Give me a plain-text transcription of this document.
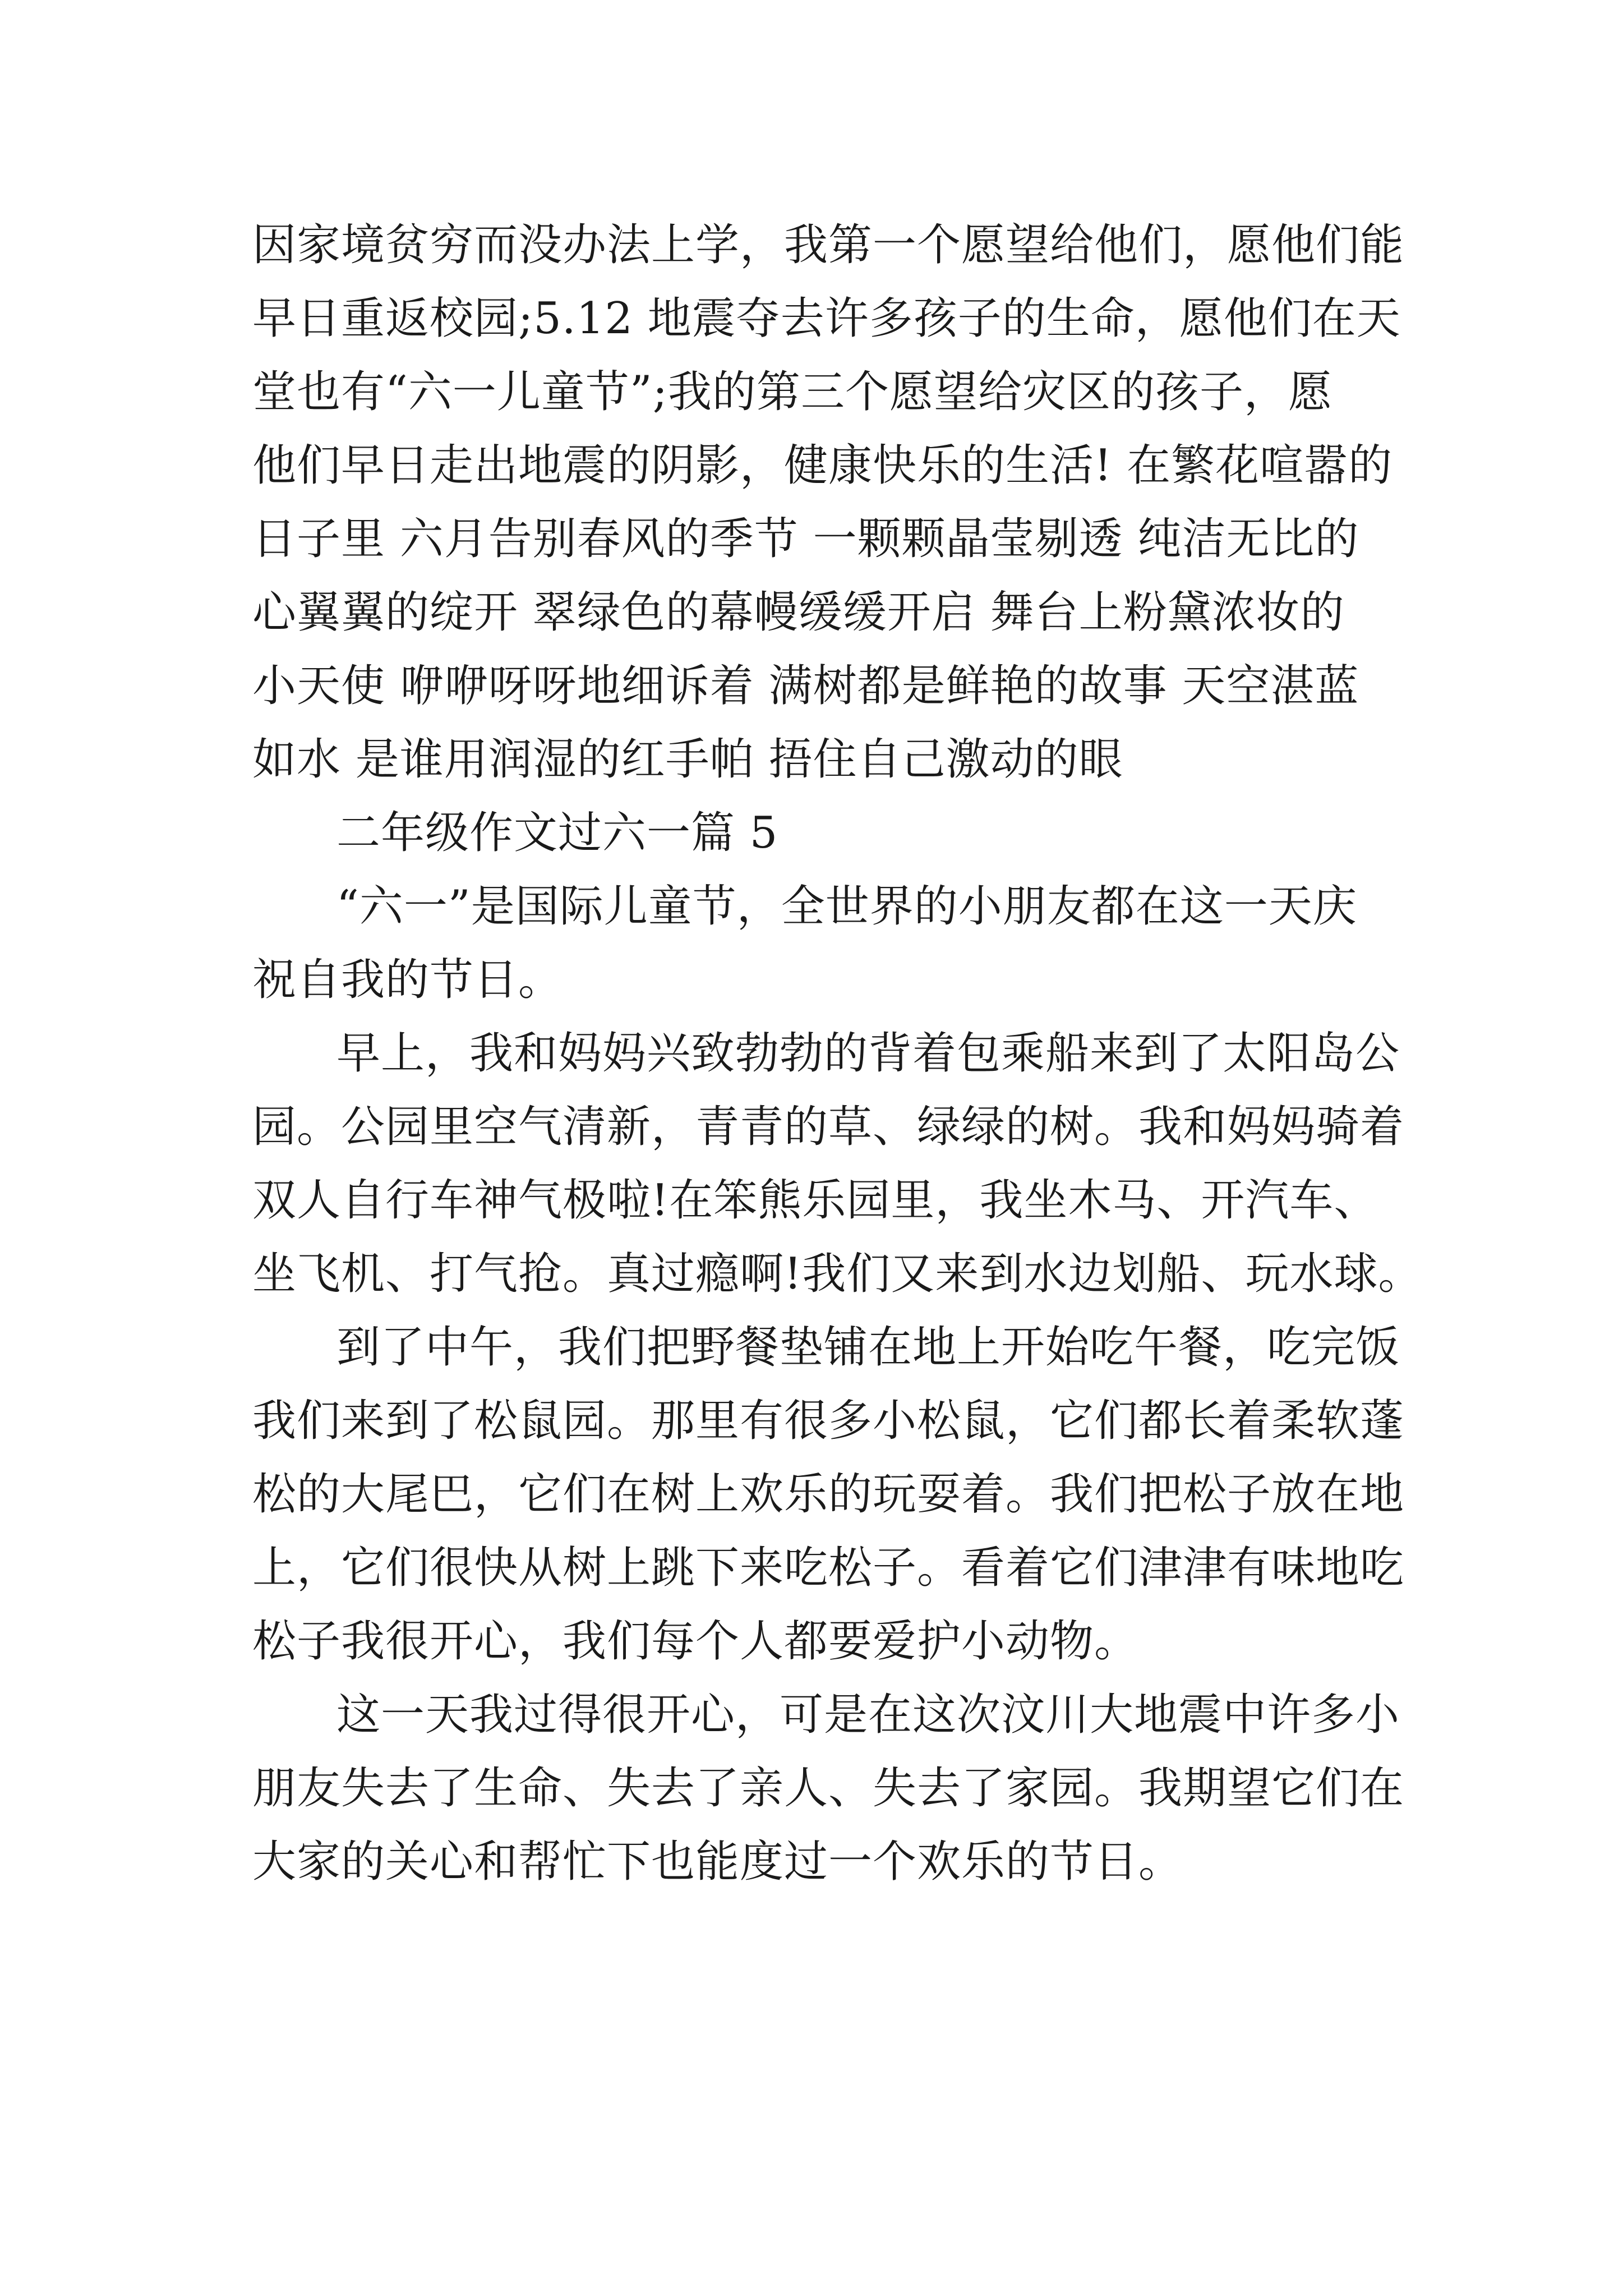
因家境贫穷而没办法上学，我第一个愿望给他们，愿他们能
早日重返校园;5.12 地震夺去许多孩子的生命，愿他们在天
堂也有“六一儿童节”;我的第三个愿望给灾区的孩子，愿
他们早日走出地震的阴影，健康快乐的生活! 在繁花喧嚣的
日子里 六月告别春风的季节 一颗颗晶莹剔透 纯洁无比的
心翼翼的绽开 翠绿色的幕幔缓缓开启 舞台上粉黛浓妆的
小天使 咿咿呀呀地细诉着 满树都是鲜艳的故事 天空湛蓝
如水 是谁用润湿的红手帕 捂住自己激动的眼
二年级作文过六一篇 5
“六一”是国际儿童节，全世界的小朋友都在这一天庆
祝自我的节日。
早上，我和妈妈兴致勃勃的背着包乘船来到了太阳岛公
园。公园里空气清新，青青的草、绿绿的树。我和妈妈骑着
双人自行车神气极啦!在笨熊乐园里，我坐木马、开汽车、
坐飞机、打气抢。真过瘾啊!我们又来到水边划船、玩水球。
到了中午，我们把野餐垫铺在地上开始吃午餐，吃完饭
我们来到了松鼠园。那里有很多小松鼠，它们都长着柔软蓬
松的大尾巴，它们在树上欢乐的玩耍着。我们把松子放在地
上，它们很快从树上跳下来吃松子。看着它们津津有味地吃
松子我很开心，我们每个人都要爱护小动物。
这一天我过得很开心，可是在这次汶川大地震中许多小
朋友失去了生命、失去了亲人、失去了家园。我期望它们在
大家的关心和帮忙下也能度过一个欢乐的节日。
